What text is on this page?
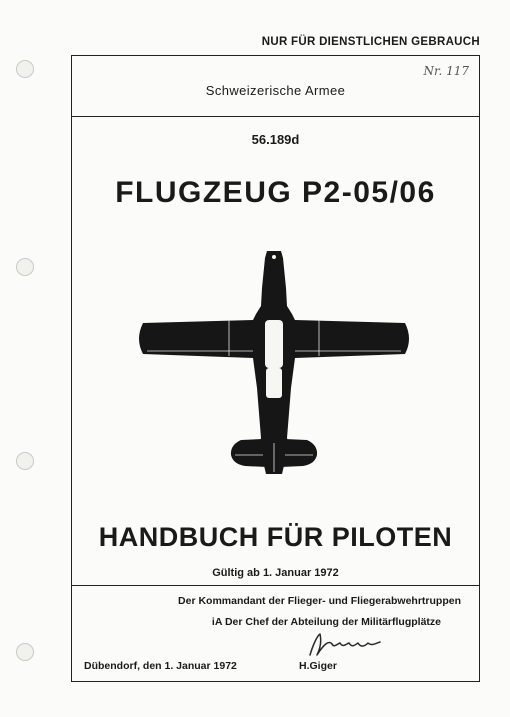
NUR FÜR DIENSTLICHEN GEBRAUCH
Nr. 117
Schweizerische Armee
56.189d
FLUGZEUG P2-05/06
HANDBUCH FÜR PILOTEN
Gültig ab 1. Januar 1972
Der Kommandant der Flieger- und Fliegerabwehrtruppen
iA Der Chef der Abteilung der Militärflugplätze
Dübendorf, den 1. Januar 1972	H.Giger
